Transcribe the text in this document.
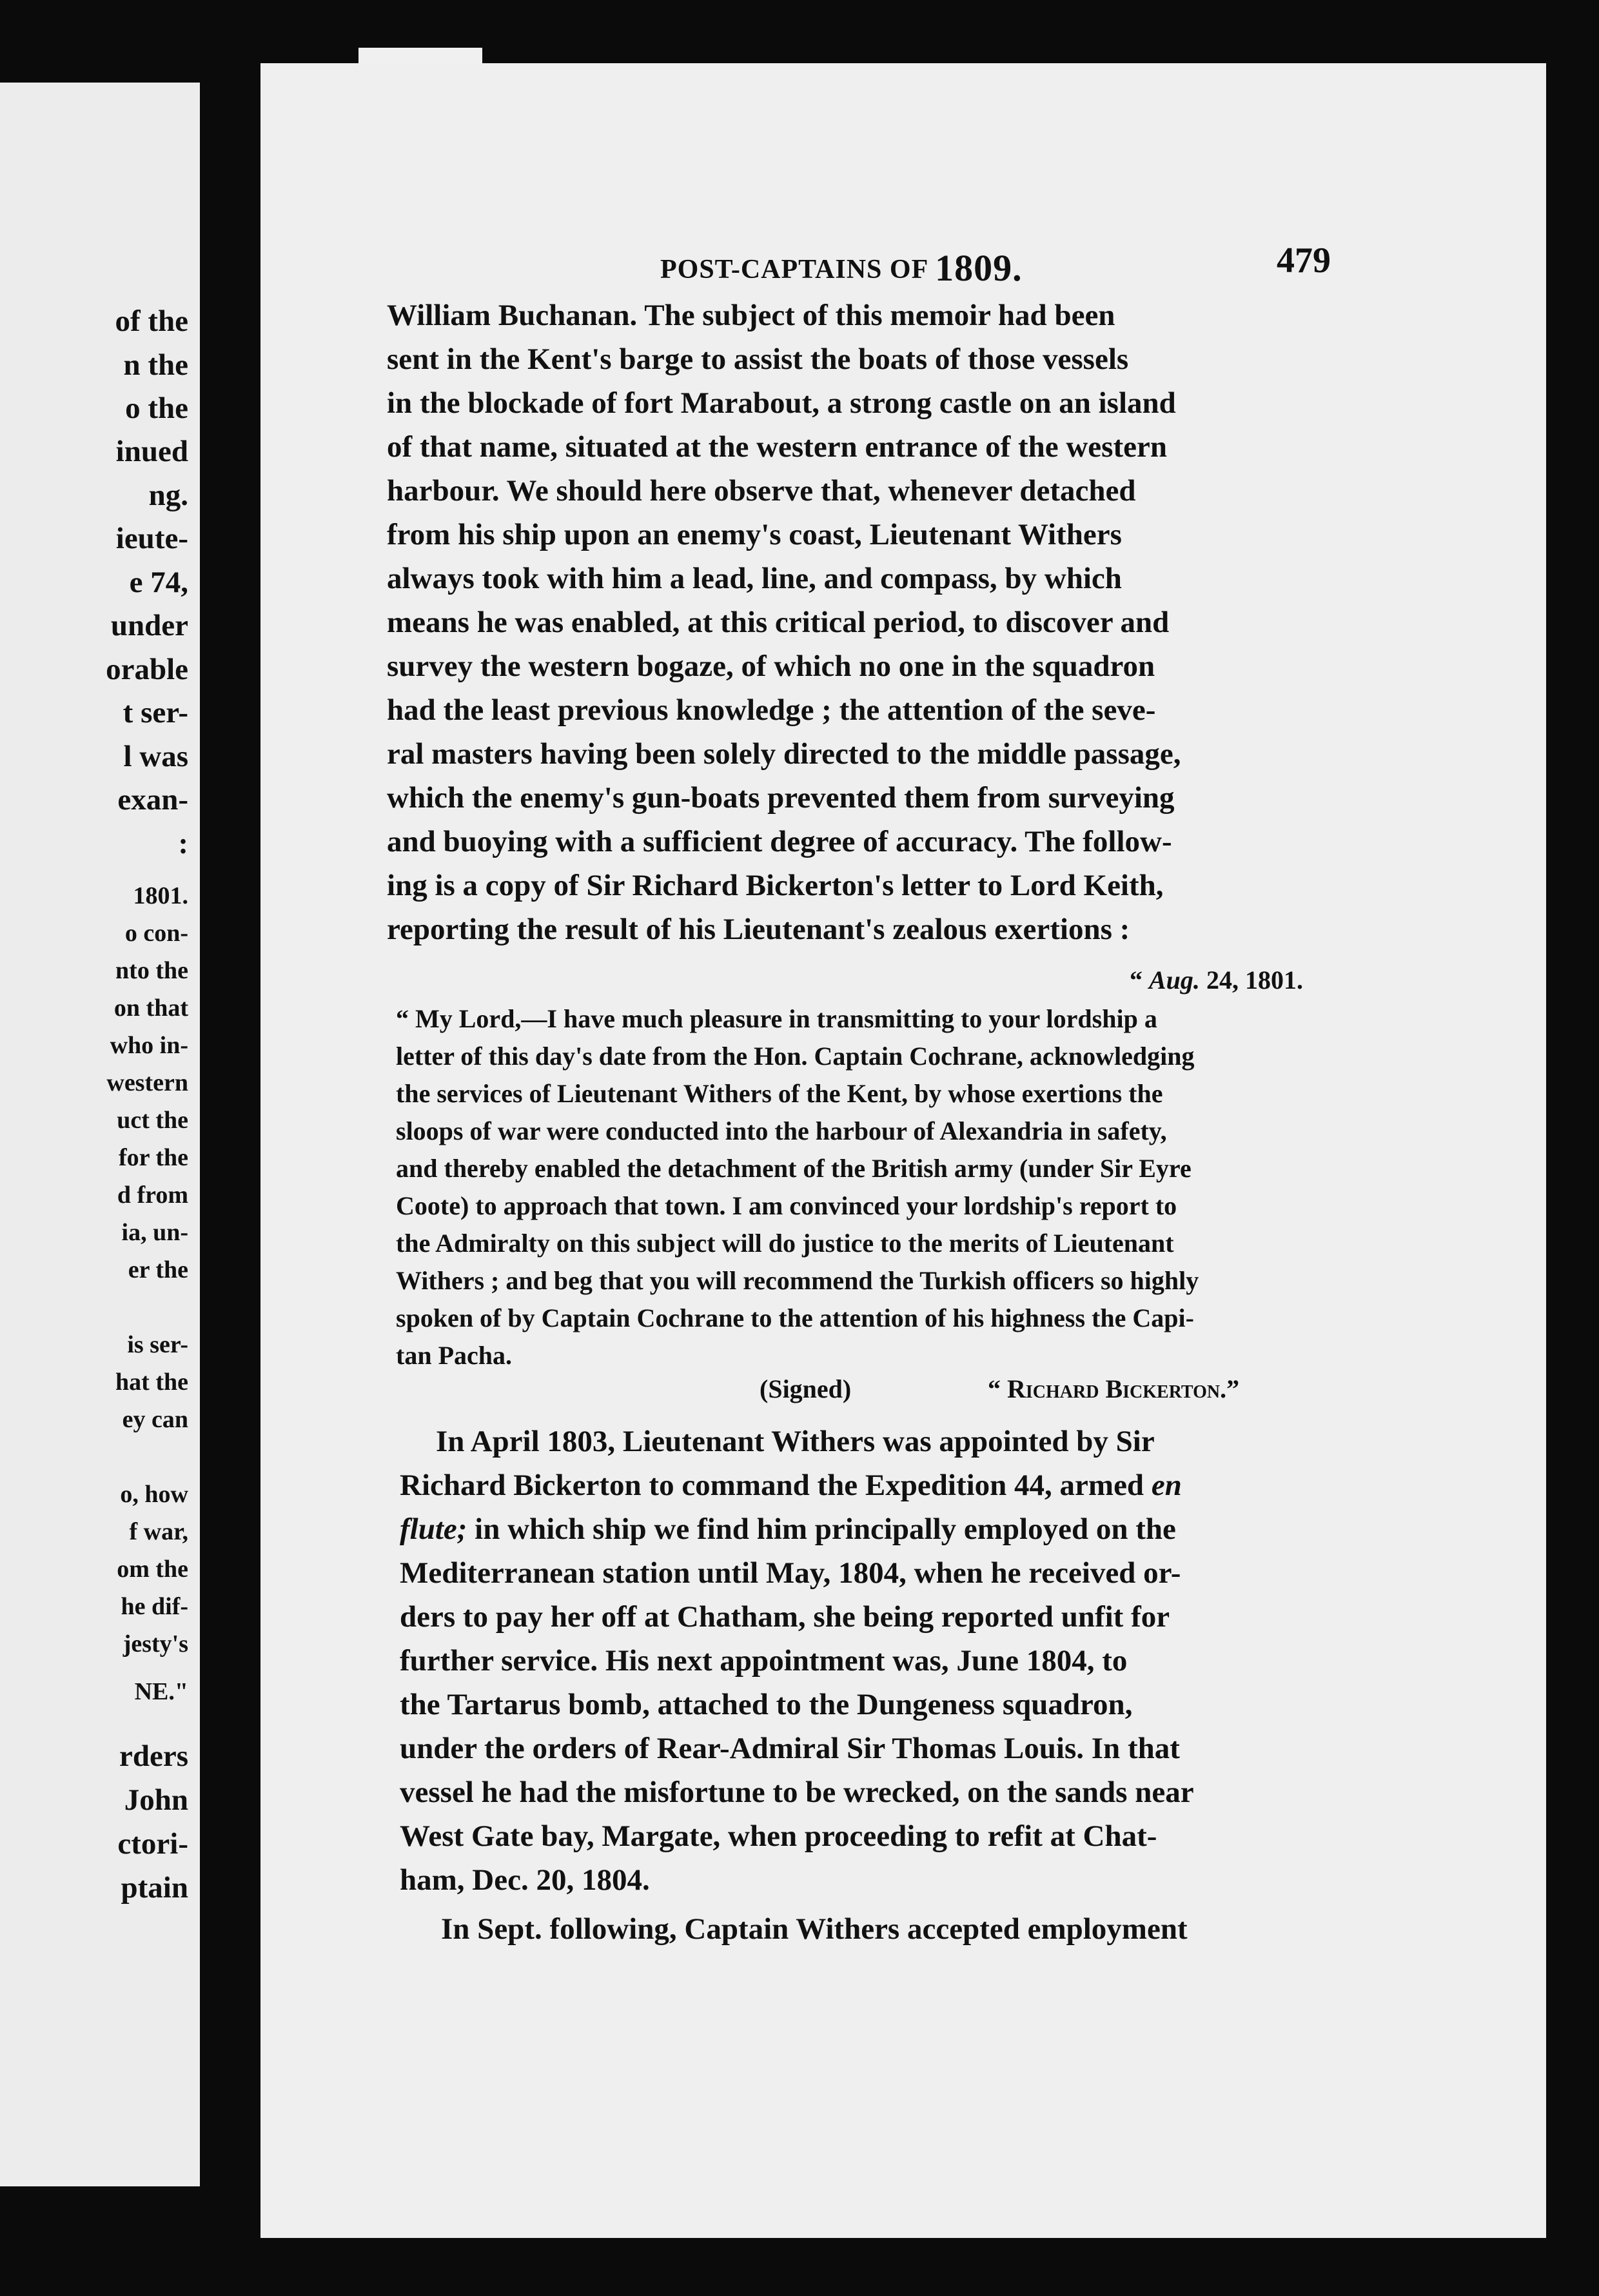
of the
n the
o the
inued
ng.
ieute-
e 74,
under
orable
t ser-
l was
exan-
:
1801.
o con-
nto the
on that
who in-
western
uct the
for the
d from
ia, un-
er the
is ser-
hat the
ey can
o, how
f war,
om the
he dif-
jesty's
NE."
rders
John
ctori-
ptain
POST-CAPTAINS OF 1809.	479
William Buchanan. The subject of this memoir had been
sent in the Kent's barge to assist the boats of those vessels
in the blockade of fort Marabout, a strong castle on an island
of that name, situated at the western entrance of the western
harbour. We should here observe that, whenever detached
from his ship upon an enemy's coast, Lieutenant Withers
always took with him a lead, line, and compass, by which
means he was enabled, at this critical period, to discover and
survey the western bogaze, of which no one in the squadron
had the least previous knowledge ; the attention of the seve-
ral masters having been solely directed to the middle passage,
which the enemy's gun-boats prevented them from surveying
and buoying with a sufficient degree of accuracy. The follow-
ing is a copy of Sir Richard Bickerton's letter to Lord Keith,
reporting the result of his Lieutenant's zealous exertions :
“ Aug. 24, 1801.
“ My Lord,—I have much pleasure in transmitting to your lordship a
letter of this day's date from the Hon. Captain Cochrane, acknowledging
the services of Lieutenant Withers of the Kent, by whose exertions the
sloops of war were conducted into the harbour of Alexandria in safety,
and thereby enabled the detachment of the British army (under Sir Eyre
Coote) to approach that town. I am convinced your lordship's report to
the Admiralty on this subject will do justice to the merits of Lieutenant
Withers ; and beg that you will recommend the Turkish officers so highly
spoken of by Captain Cochrane to the attention of his highness the Capi-
tan Pacha.
(Signed)	“ Richard Bickerton.”
In April 1803, Lieutenant Withers was appointed by Sir
Richard Bickerton to command the Expedition 44, armed en
flute; in which ship we find him principally employed on the
Mediterranean station until May, 1804, when he received or-
ders to pay her off at Chatham, she being reported unfit for
further service. His next appointment was, June 1804, to
the Tartarus bomb, attached to the Dungeness squadron,
under the orders of Rear-Admiral Sir Thomas Louis. In that
vessel he had the misfortune to be wrecked, on the sands near
West Gate bay, Margate, when proceeding to refit at Chat-
ham, Dec. 20, 1804.
In Sept. following, Captain Withers accepted employment
